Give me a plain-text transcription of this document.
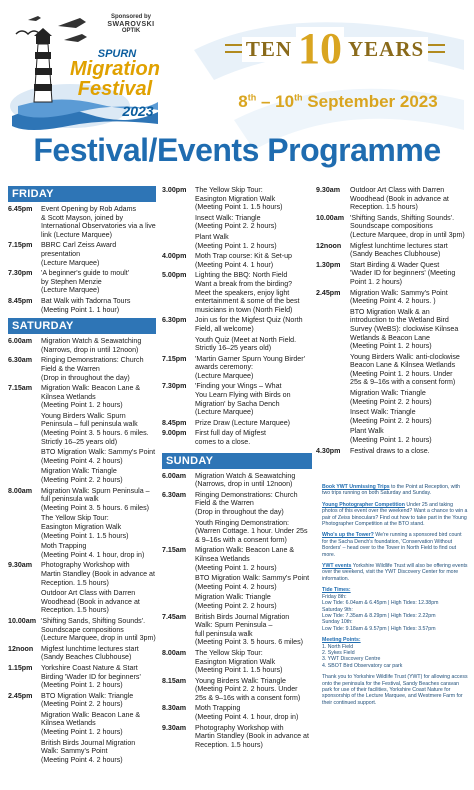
Sponsored by
SWAROVSKI
OPTIK
SPURN
Migration
Festival
2023
TEN 10 YEARS
8th – 10th September 2023
Festival/Events Programme
FRIDAY
6.45pm	Event Opening by Rob Adams
& Scott Mayson, joined by
International Observatories via a live
link (Lecture Marquee)
7.15pm	BBRC Carl Zeiss Award presentation
(Lecture Marquee)
7.30pm	'A beginner's guide to moult'
by Stephen Menzie
(Lecture Marquee)
8.45pm	Bat Walk with Tadorna Tours
(Meeting Point 1. 1 hour)
SATURDAY
6.00am	Migration Watch & Seawatching
(Narrows, drop in until 12noon)
6.30am	Ringing Demonstrations: Church
Field & the Warren
(Drop in throughout the day)
7.15am	Migration Walk: Beacon Lane &
Kilnsea Wetlands
(Meeting Point 1. 2 hours)
Young Birders Walk: Spurn
Peninsula – full peninsula walk
(Meeting Point 3. 5 hours. 6 miles.
Strictly 16–25 years old)
BTO Migration Walk: Sammy's Point
(Meeting Point 4. 2 hours)
Migration Walk: Triangle
(Meeting Point 2. 2 hours)
8.00am	Migration Walk: Spurn Peninsula –
full peninsula walk
(Meeting Point 3. 5 hours. 6 miles)
The Yellow Skip Tour:
Easington Migration Walk
(Meeting Point 1. 1.5 hours)
Moth Trapping
(Meeting Point 4. 1 hour, drop in)
9.30am	Photography Workshop with
Martin Standley (Book in advance at
Reception. 1.5 hours)
Outdoor Art Class with Darren
Woodhead (Book in advance at
Reception. 1.5 hours)
10.00am 'Shifting Sands, Shifting Sounds'.
Soundscape compositions
(Lecture Marquee, drop in until 3pm)
12noon	Migfest lunchtime lectures start
(Sandy Beaches Clubhouse)
1.15pm	Yorkshire Coast Nature & Start
Birding 'Wader ID for beginners'
(Meeting Point 1. 2 hours)
2.45pm	BTO Migration Walk: Triangle
(Meeting Point 2. 2 hours)
Migration Walk: Beacon Lane &
Kilnsea Wetlands
(Meeting Point 1. 2 hours)
British Birds Journal Migration
Walk: Sammy's Point
(Meeting Point 4. 2 hours)
3.00pm	The Yellow Skip Tour:
Easington Migration Walk
(Meeting Point 1. 1.5 hours)
Insect Walk: Triangle
(Meeting Point 2. 2 hours)
Plant Walk
(Meeting Point 1. 2 hours)
4.00pm	Moth Trap course: Kit & Set-up
(Meeting Point 4. 1 hour)
5.00pm	Lighting the BBQ: North Field
Want a break from the birding?
Meet the speakers, enjoy light
entertainment & some of the best
musicians in town (North Field)
6.30pm	Join us for the Migfest Quiz (North
Field, all welcome)
Youth Quiz (Meet at North Field.
Strictly 16–25 years old)
7.15pm	'Martin Garner Spurn Young Birder'
awards ceremony:
(Lecture Marquee)
7.30pm	'Finding your Wings – What
You Learn Flying with Birds on
Migration' by Sacha Dench
(Lecture Marquee)
8.45pm	Prize Draw (Lecture Marquee)
9.00pm	First full day of Migfest
comes to a close.
SUNDAY
6.00am	Migration Watch & Seawatching
(Narrows, drop in until 12noon)
6.30am	Ringing Demonstrations: Church
Field & the Warren
(Drop in throughout the day)
Youth Ringing Demonstration:
(Warren Cottage. 1 hour. Under 25s
& 9–16s with a consent form)
7.15am	Migration Walk: Beacon Lane &
Kilnsea Wetlands
(Meeting Point 1. 2 hours)
BTO Migration Walk: Sammy's Point
(Meeting Point 4. 2 hours)
Migration Walk: Triangle
(Meeting Point 2. 2 hours)
7.45am	British Birds Journal Migration
Walk: Spurn Peninsula –
full peninsula walk
(Meeting Point 3. 5 hours. 6 miles)
8.00am	The Yellow Skip Tour:
Easington Migration Walk
(Meeting Point 1. 1.5 hours)
8.15am	Young Birders Walk: Triangle
(Meeting Point 2. 2 hours. Under
25s & 9–16s with a consent form)
8.30am	Moth Trapping
(Meeting Point 4. 1 hour, drop in)
9.30am	Photography Workshop with
Martin Standley (Book in advance at
Reception. 1.5 hours)
9.30am	Outdoor Art Class with Darren
Woodhead (Book in advance at
Reception. 1.5 hours)
10.00am 'Shifting Sands, Shifting Sounds'.
Soundscape compositions
(Lecture Marquee, drop in until 3pm)
12noon	Migfest lunchtime lectures start
(Sandy Beaches Clubhouse)
1.30pm	Start Birding & Wader Quest
'Wader ID for beginners' (Meeting
Point 1. 2 hours)
2.45pm	Migration Walk: Sammy's Point
(Meeting Point 4. 2 hours. )
BTO Migration Walk & an
introduction to the Wetland Bird
Survey (WeBS): clockwise Kilnsea
Wetlands & Beacon Lane
(Meeting Point 1. 2 hours)
Young Birders Walk: anti-clockwise
Beacon Lane & Kilnsea Wetlands
(Meeting Point 1. 2 hours. Under
25s & 9–16s with a consent form)
Migration Walk: Triangle
(Meeting Point 2. 2 hours)
Insect Walk: Triangle
(Meeting Point 2. 2 hours)
Plant Walk
(Meeting Point 1. 2 hours)
4.30pm	Festival draws to a close.

Book YWT Unmissing Trips to the Point at Reception, with two trips running on both Saturday and Sunday.

Young Photographer Competition Under 25 and taking photos of this event over the weekend? Want a chance to win a pair of Zeiss binoculars? Find out how to take part in the Young Photographer Competition at the BTO stand.

Who's up the Tower? We're running a sponsored bird count for the Sacha Dench's foundation, 'Conservation Without Borders' – head over to the Tower in North Field to find out more.

YWT events Yorkshire Wildlife Trust will also be offering events over the weekend, visit the YWT Discovery Center for more information.

Tide Times:
Friday 8th:
Low Tide: 6.04am & 6.45pm | High Tides: 12.38pm
Saturday 9th:
Low Tide: 7.35am & 8.29pm | High Tides: 2.22pm
Sunday 10th:
Low Tide: 9.18am & 9.57pm | High Tides: 3.57pm

Meeting Points:
1. North Field
2. Sykes Field
3. YWT Discovery Centre
4. SBOT Bird Observatory car park

Thank you to Yorkshire Wildlife Trust (YWT) for allowing access onto the peninsula for the Festival, Sandy Beaches caravan park for use of their facilities, Yorkshire Coast Nature for sponsorship of the Lecture Marquee, and Westmere Farm for their continued support.
